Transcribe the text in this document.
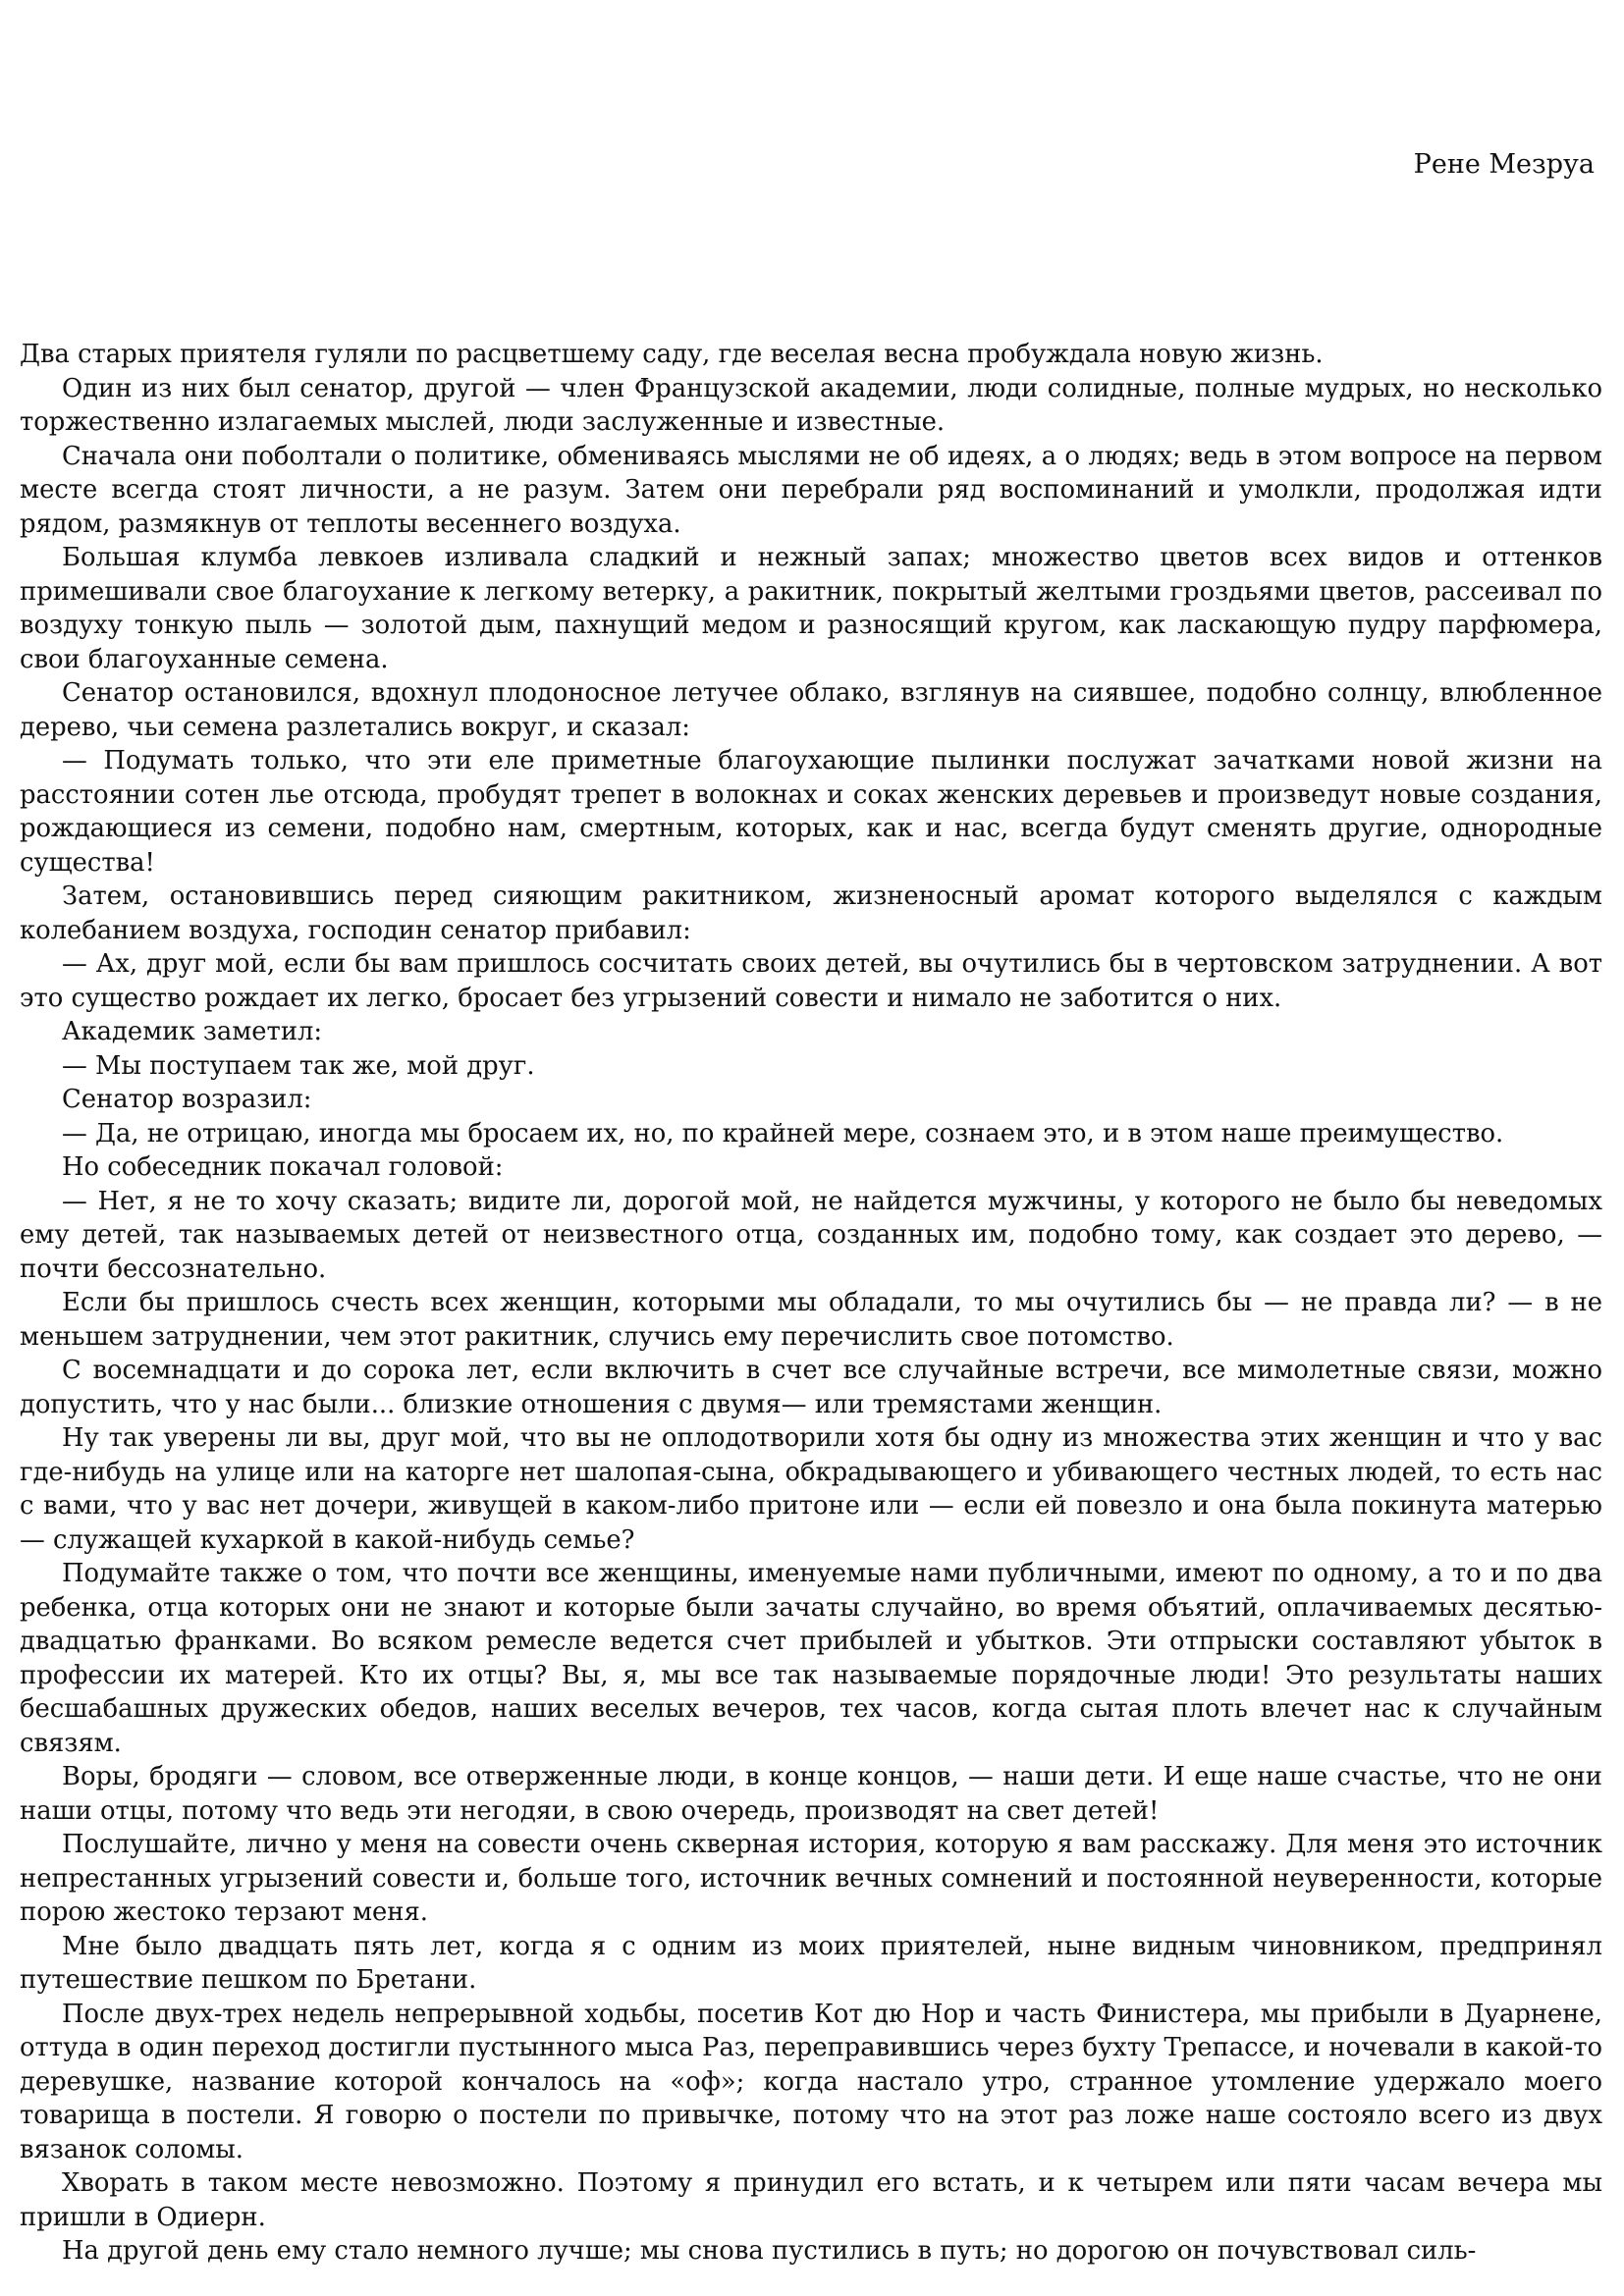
Рене Мезруа

Два старых приятеля гуляли по расцветшему саду, где веселая весна пробуждала новую жизнь.

Один из них был сенатор, другой — член Французской академии, люди солидные, полные мудрых, но несколько торжественно излагаемых мыслей, люди заслуженные и известные.

Сначала они поболтали о политике, обмениваясь мыслями не об идеях, а о людях; ведь в этом вопросе на первом месте всегда стоят личности, а не разум. Затем они перебрали ряд воспоминаний и умолкли, продолжая идти рядом, размякнув от теплоты весеннего воздуха.

Большая клумба левкоев изливала сладкий и нежный запах; множество цветов всех видов и оттенков примешивали свое благоухание к легкому ветерку, а ракитник, покрытый желтыми гроздьями цветов, рассеивал по воздуху тонкую пыль — золотой дым, пахнущий медом и разносящий кругом, как ласкающую пудру парфюмера, свои благоуханные семена.

Сенатор остановился, вдохнул плодоносное летучее облако, взглянув на сиявшее, подобно солнцу, влюбленное дерево, чьи семена разлетались вокруг, и сказал:

— Подумать только, что эти еле приметные благоухающие пылинки послужат зачатками новой жизни на расстоянии сотен лье отсюда, пробудят трепет в волокнах и соках женских деревьев и произведут новые создания, рождающиеся из семени, подобно нам, смертным, которых, как и нас, всегда будут сменять другие, однородные существа!

Затем, остановившись перед сияющим ракитником, жизненосный аромат которого выделялся с каждым колебанием воздуха, господин сенатор прибавил:

— Ах, друг мой, если бы вам пришлось сосчитать своих детей, вы очутились бы в чертовском затруднении. А вот это существо рождает их легко, бросает без угрызений совести и нимало не заботится о них.

Академик заметил:

— Мы поступаем так же, мой друг.

Сенатор возразил:

— Да, не отрицаю, иногда мы бросаем их, но, по крайней мере, сознаем это, и в этом наше преимущество.

Но собеседник покачал головой:

— Нет, я не то хочу сказать; видите ли, дорогой мой, не найдется мужчины, у которого не было бы неведомых ему детей, так называемых детей от неизвестного отца, созданных им, подобно тому, как создает это дерево, — почти бессознательно.

Если бы пришлось счесть всех женщин, которыми мы обладали, то мы очутились бы — не правда ли? — в не меньшем затруднении, чем этот ракитник, случись ему перечислить свое потомство.

С восемнадцати и до сорока лет, если включить в счет все случайные встречи, все мимолетные связи, можно допустить, что у нас были... близкие отношения с двумя— или тремястами женщин.

Ну так уверены ли вы, друг мой, что вы не оплодотворили хотя бы одну из множества этих женщин и что у вас где-нибудь на улице или на каторге нет шалопая-сына, обкрадывающего и убивающего честных людей, то есть нас с вами, что у вас нет дочери, живущей в каком-либо притоне или — если ей повезло и она была покинута матерью — служащей кухаркой в какой-нибудь семье?

Подумайте также о том, что почти все женщины, именуемые нами публичными, имеют по одному, а то и по два ребенка, отца которых они не знают и которые были зачаты случайно, во время объятий, оплачиваемых десятью-двадцатью франками. Во всяком ремесле ведется счет прибылей и убытков. Эти отпрыски составляют убыток в профессии их матерей. Кто их отцы? Вы, я, мы все так называемые порядочные люди! Это результаты наших бесшабашных дружеских обедов, наших веселых вечеров, тех часов, когда сытая плоть влечет нас к случайным связям.

Воры, бродяги — словом, все отверженные люди, в конце концов, — наши дети. И еще наше счастье, что не они наши отцы, потому что ведь эти негодяи, в свою очередь, производят на свет детей!

Послушайте, лично у меня на совести очень скверная история, которую я вам расскажу. Для меня это источник непрестанных угрызений совести и, больше того, источник вечных сомнений и постоянной неуверенности, которые порою жестоко терзают меня.

Мне было двадцать пять лет, когда я с одним из моих приятелей, ныне видным чиновником, предпринял путешествие пешком по Бретани.

После двух-трех недель непрерывной ходьбы, посетив Кот дю Нор и часть Финистера, мы прибыли в Дуарнене, оттуда в один переход достигли пустынного мыса Раз, переправившись через бухту Трепассе, и ночевали в какой-то деревушке, название которой кончалось на «оф»; когда настало утро, странное утомление удержало моего товарища в постели. Я говорю о постели по привычке, потому что на этот раз ложе наше состояло всего из двух вязанок соломы.

Хворать в таком месте невозможно. Поэтому я принудил его встать, и к четырем или пяти часам вечера мы пришли в Одиерн.

На другой день ему стало немного лучше; мы снова пустились в путь; но дорогою он почувствовал силь-
